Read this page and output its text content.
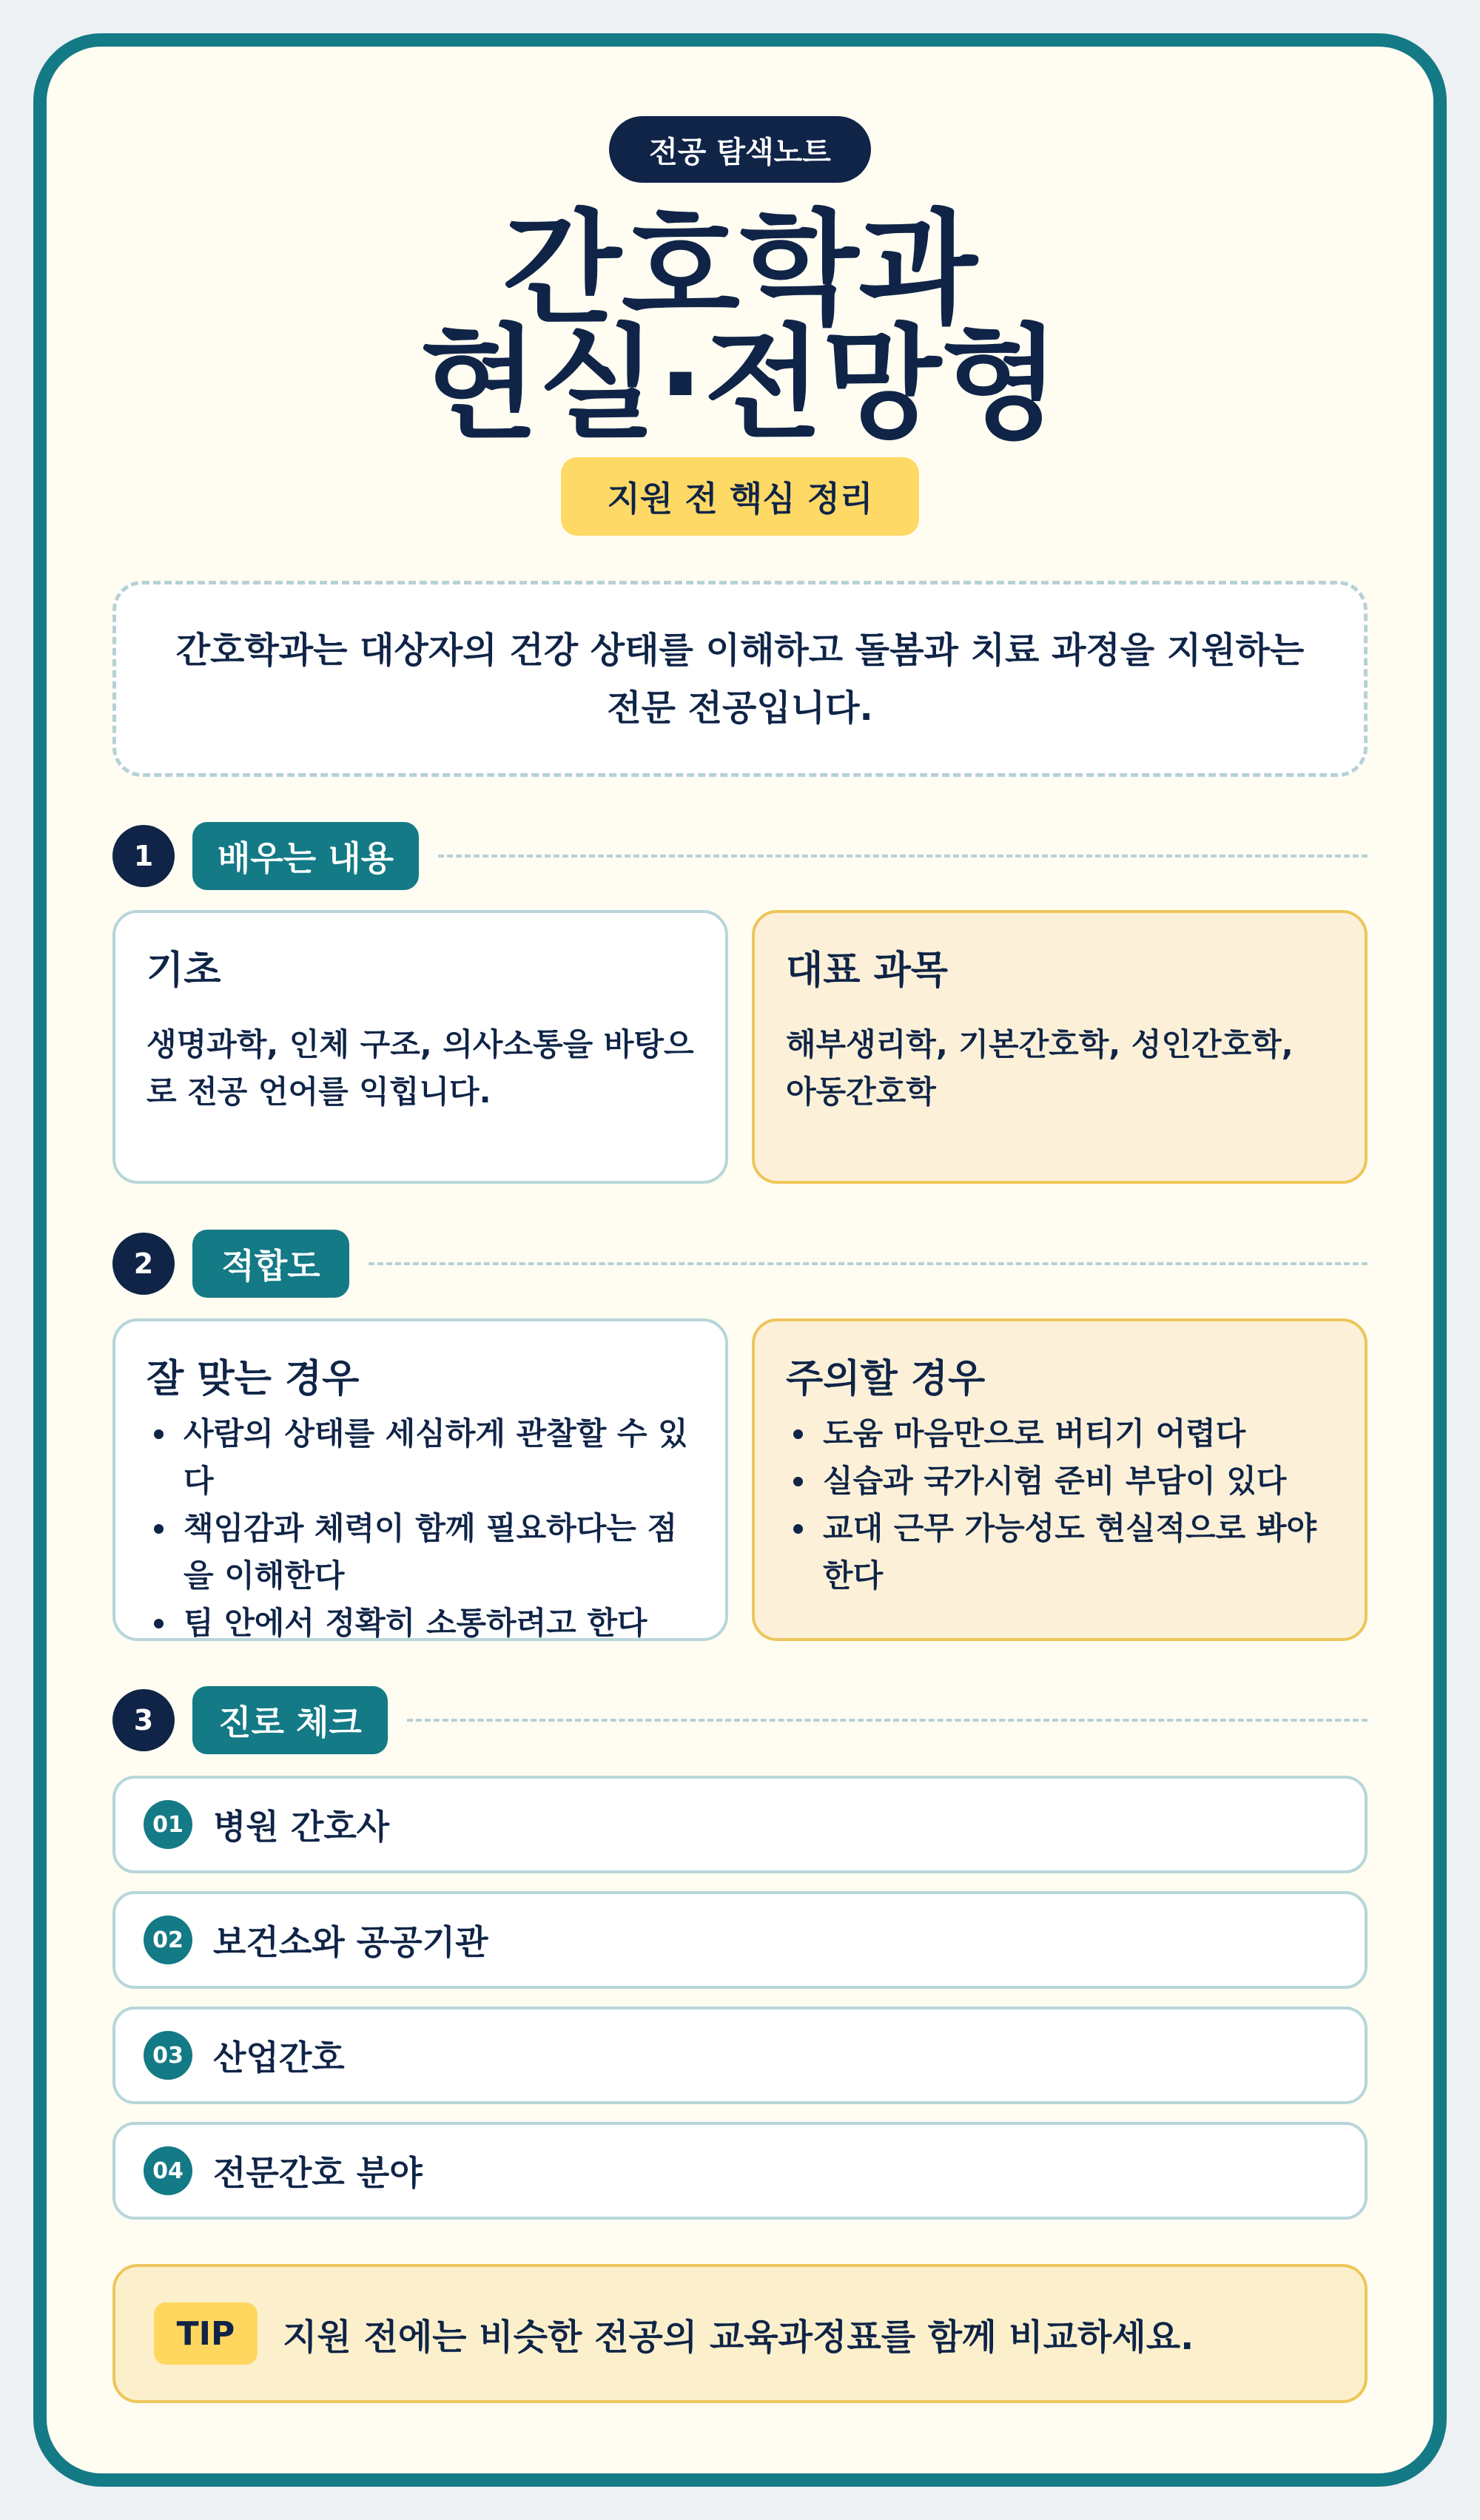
전공 탐색노트
간호학과
현실·전망형
지원 전 핵심 정리
간호학과는 대상자의 건강 상태를 이해하고 돌봄과 치료 과정을 지원하는 전문 전공입니다.
1	배우는 내용
기초

생명과학, 인체 구조, 의사소통을 바탕으로 전공 언어를 익힙니다.

대표 과목

해부생리학, 기본간호학, 성인간호학, 아동간호학

2	적합도
잘 맞는 경우
사람의 상태를 세심하게 관찰할 수 있다
책임감과 체력이 함께 필요하다는 점을 이해한다
팀 안에서 정확히 소통하려고 한다
주의할 경우
도움 마음만으로 버티기 어렵다
실습과 국가시험 준비 부담이 있다
교대 근무 가능성도 현실적으로 봐야 한다
3	진로 체크
01 병원 간호사
02 보건소와 공공기관
03 산업간호
04 전문간호 분야
TIP	지원 전에는 비슷한 전공의 교육과정표를 함께 비교하세요.
